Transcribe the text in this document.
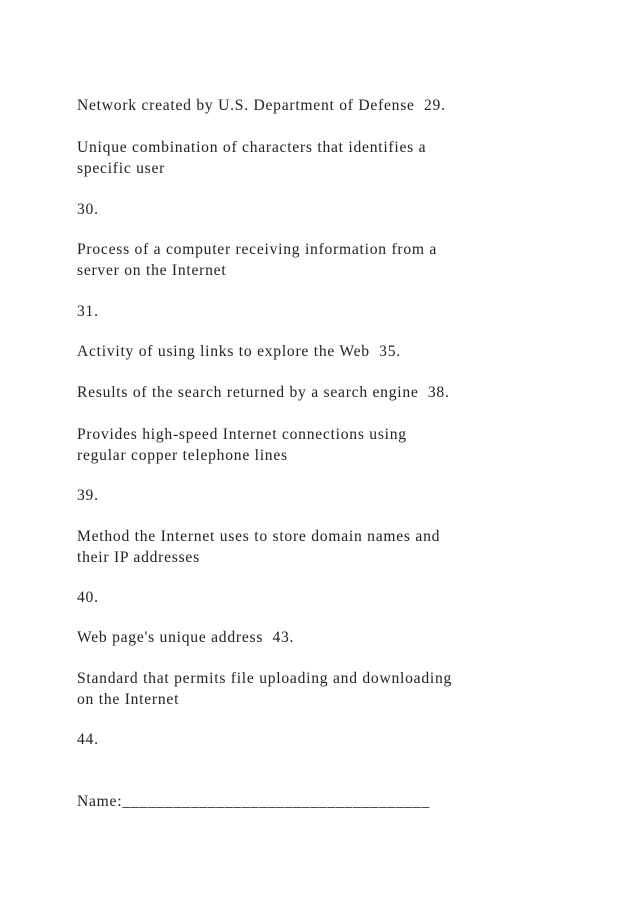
Network created by U.S. Department of Defense  29.

Unique combination of characters that identifies a

specific user

30.

Process of a computer receiving information from a

server on the Internet

31.

Activity of using links to explore the Web  35.

Results of the search returned by a search engine  38.

Provides high-speed Internet connections using

regular copper telephone lines

39.

Method the Internet uses to store domain names and

their IP addresses

40.

Web page's unique address  43.

Standard that permits file uploading and downloading

on the Internet

44.

Name:____________________________________
